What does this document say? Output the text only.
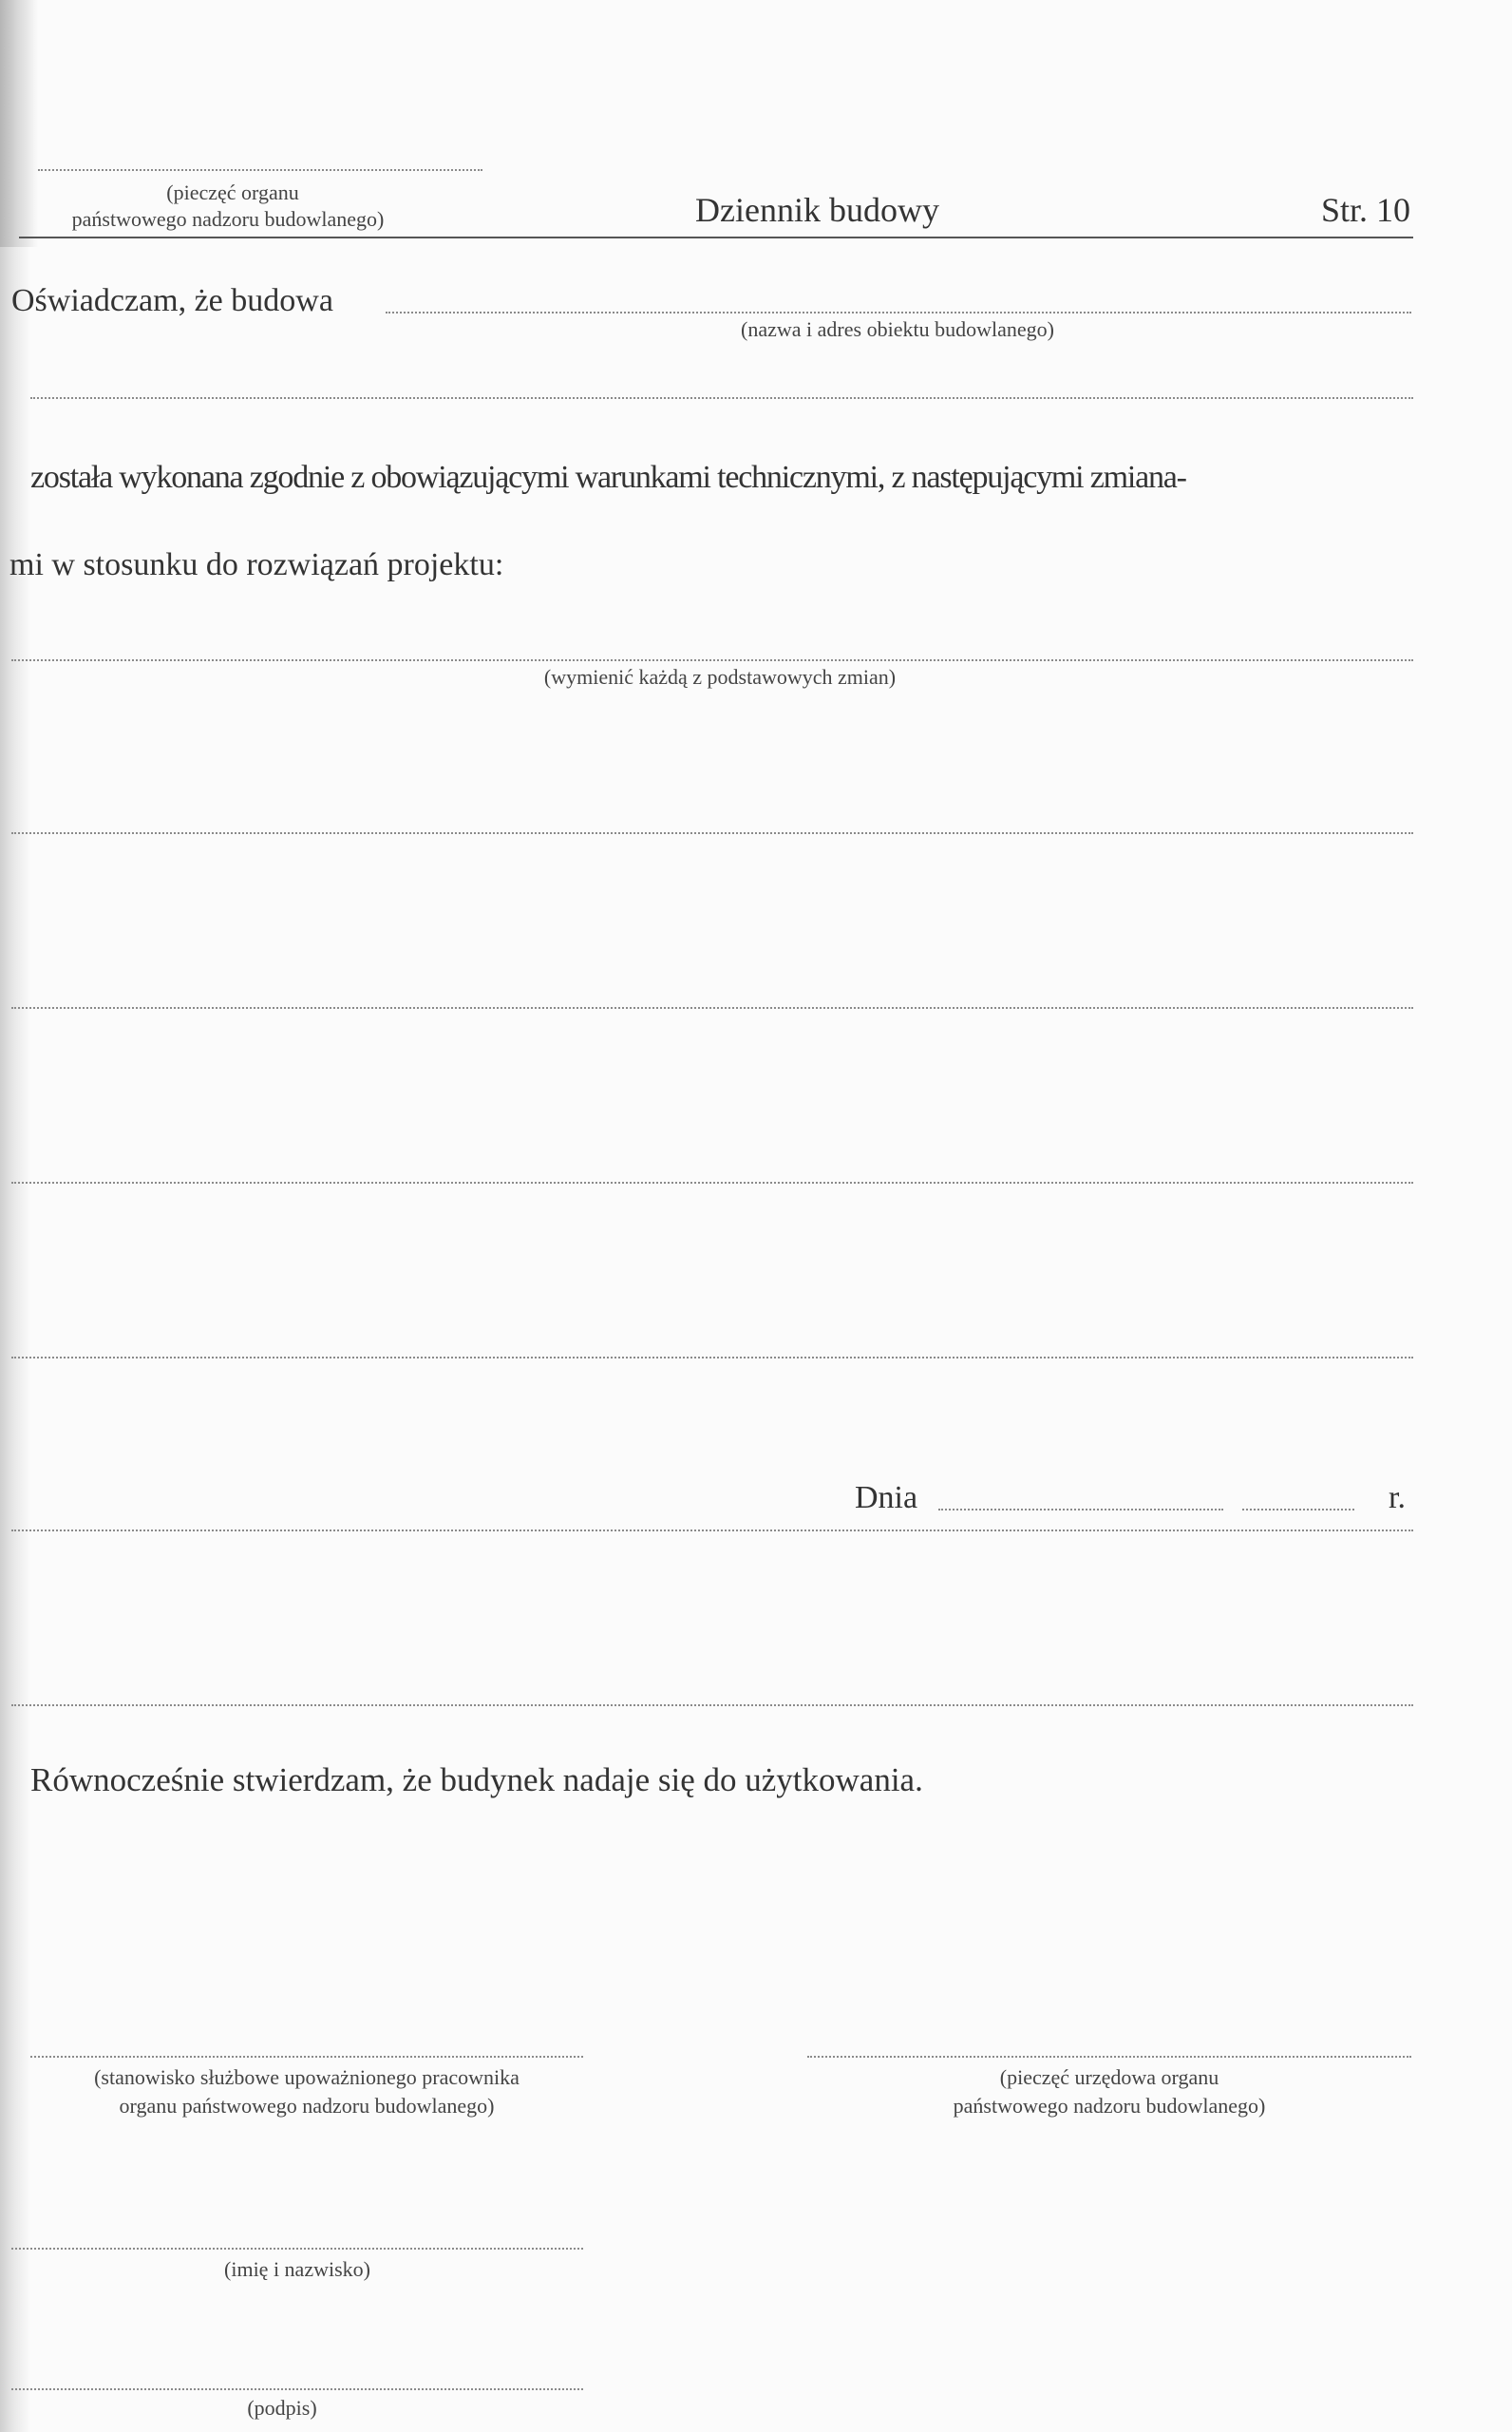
(pieczęć organu
państwowego nadzoru budowlanego)	Dziennik budowy	Str. 10
Oświadczam, że budowa
(nazwa i adres obiektu budowlanego)
została wykonana zgodnie z obowiązującymi warunkami technicznymi, z następującymi zmiana-
mi w stosunku do rozwiązań projektu:
(wymienić każdą z podstawowych zmian)
Dnia	r.
Równocześnie stwierdzam, że budynek nadaje się do użytkowania.
(stanowisko służbowe upoważnionego pracownika
organu państwowego nadzoru budowlanego)
(pieczęć urzędowa organu
państwowego nadzoru budowlanego)
(imię i nazwisko)
(podpis)
